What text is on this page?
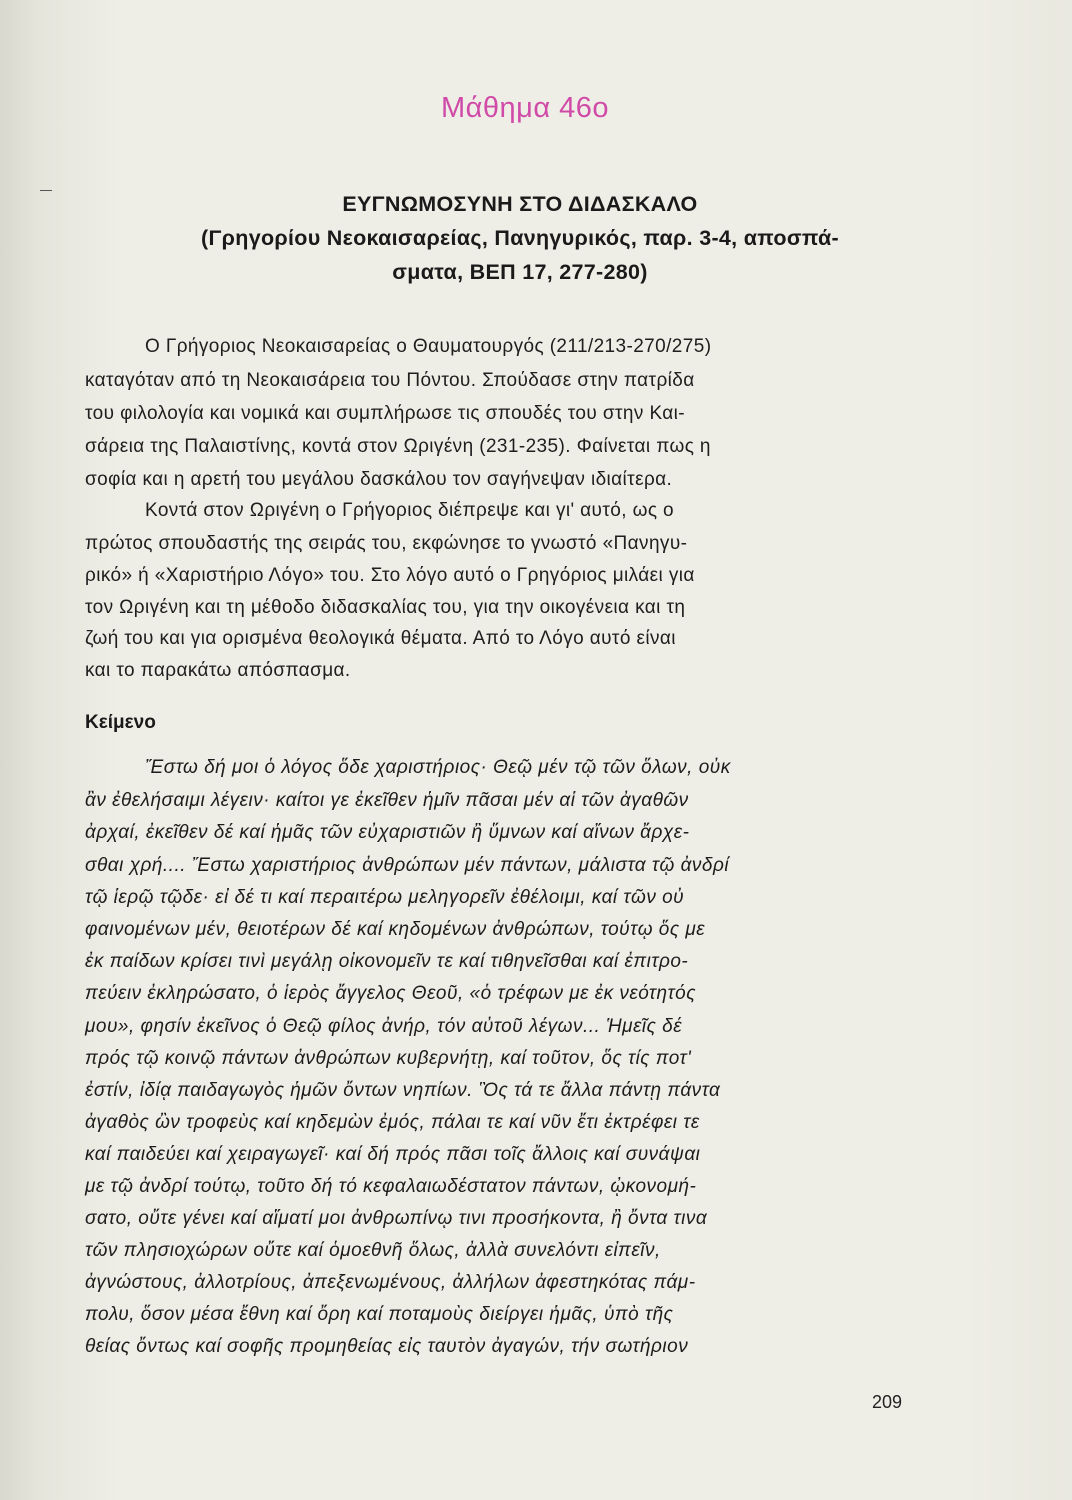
Μάθημα 46ο
ΕΥΓΝΩΜΟΣΥΝΗ ΣΤΟ ΔΙΔΑΣΚΑΛΟ
(Γρηγορίου Νεοκαισαρείας, Πανηγυρικός, παρ. 3-4, αποσπά-
σματα, ΒΕΠ 17, 277-280)
Ο Γρήγοριος Νεοκαισαρείας ο Θαυματουργός (211/213-270/275)
καταγόταν από τη Νεοκαισάρεια του Πόντου. Σπούδασε στην πατρίδα
του φιλολογία και νομικά και συμπλήρωσε τις σπουδές του στην Και-
σάρεια της Παλαιστίνης, κοντά στον Ωριγένη (231-235). Φαίνεται πως η
σοφία και η αρετή του μεγάλου δασκάλου τον σαγήνεψαν ιδιαίτερα.
Κοντά στον Ωριγένη ο Γρήγοριος διέπρεψε και γι' αυτό, ως ο
πρώτος σπουδαστής της σειράς του, εκφώνησε το γνωστό «Πανηγυ-
ρικό» ή «Χαριστήριο Λόγο» του. Στο λόγο αυτό ο Γρηγόριος μιλάει για
τον Ωριγένη και τη μέθοδο διδασκαλίας του, για την οικογένεια και τη
ζωή του και για ορισμένα θεολογικά θέματα. Από το Λόγο αυτό είναι
και το παρακάτω απόσπασμα.
Κείμενο
Ἔστω δή μοι ὁ λόγος ὅδε χαριστήριος· Θεῷ μέν τῷ τῶν ὅλων, οὐκ
ἂν ἐθελήσαιμι λέγειν· καίτοι γε ἐκεῖθεν ἡμῖν πᾶσαι μέν αἱ τῶν ἀγαθῶν
ἀρχαί, ἐκεῖθεν δέ καί ἡμᾶς τῶν εὐχαριστιῶν ἢ ὕμνων καί αἴνων ἄρχε-
σθαι χρή.... Ἔστω χαριστήριος ἀνθρώπων μέν πάντων, μάλιστα τῷ ἀνδρί
τῷ ἱερῷ τῷδε· εἰ δέ τι καί περαιτέρω μεληγορεῖν ἐθέλοιμι, καί τῶν οὐ
φαινομένων μέν, θειοτέρων δέ καί κηδομένων ἀνθρώπων, τούτῳ ὅς με
ἐκ παίδων κρίσει τινὶ μεγάλῃ οἰκονομεῖν τε καί τιθηνεῖσθαι καί ἐπιτρο-
πεύειν ἐκληρώσατο, ὁ ἱερὸς ἄγγελος Θεοῦ, «ὁ τρέφων με ἐκ νεότητός
μου», φησίν ἐκεῖνος ὁ Θεῷ φίλος ἀνήρ, τόν αὐτοῦ λέγων... Ἡμεῖς δέ
πρός τῷ κοινῷ πάντων ἀνθρώπων κυβερνήτῃ, καί τοῦτον, ὅς τίς ποτ'
ἐστίν, ἰδίᾳ παιδαγωγὸς ἡμῶν ὄντων νηπίων. Ὃς τά τε ἄλλα πάντῃ πάντα
ἀγαθὸς ὢν τροφεὺς καί κηδεμὼν ἐμός, πάλαι τε καί νῦν ἔτι ἐκτρέφει τε
καί παιδεύει καί χειραγωγεῖ· καί δή πρός πᾶσι τοῖς ἄλλοις καί συνάψαι
με τῷ ἀνδρί τούτῳ, τοῦτο δή τό κεφαλαιωδέστατον πάντων, ᾠκονομή-
σατο, οὔτε γένει καί αἵματί μοι ἀνθρωπίνῳ τινι προσήκοντα, ἢ ὄντα τινα
τῶν πλησιοχώρων οὔτε καί ὁμοεθνῆ ὅλως, ἀλλὰ συνελόντι εἰπεῖν,
ἀγνώστους, ἀλλοτρίους, ἀπεξενωμένους, ἀλλήλων ἀφεστηκότας πάμ-
πολυ, ὅσον μέσα ἔθνη καί ὄρη καί ποταμοὺς διείργει ἡμᾶς, ὑπὸ τῆς
θείας ὄντως καί σοφῆς προμηθείας εἰς ταυτὸν ἀγαγών, τήν σωτήριον
209
